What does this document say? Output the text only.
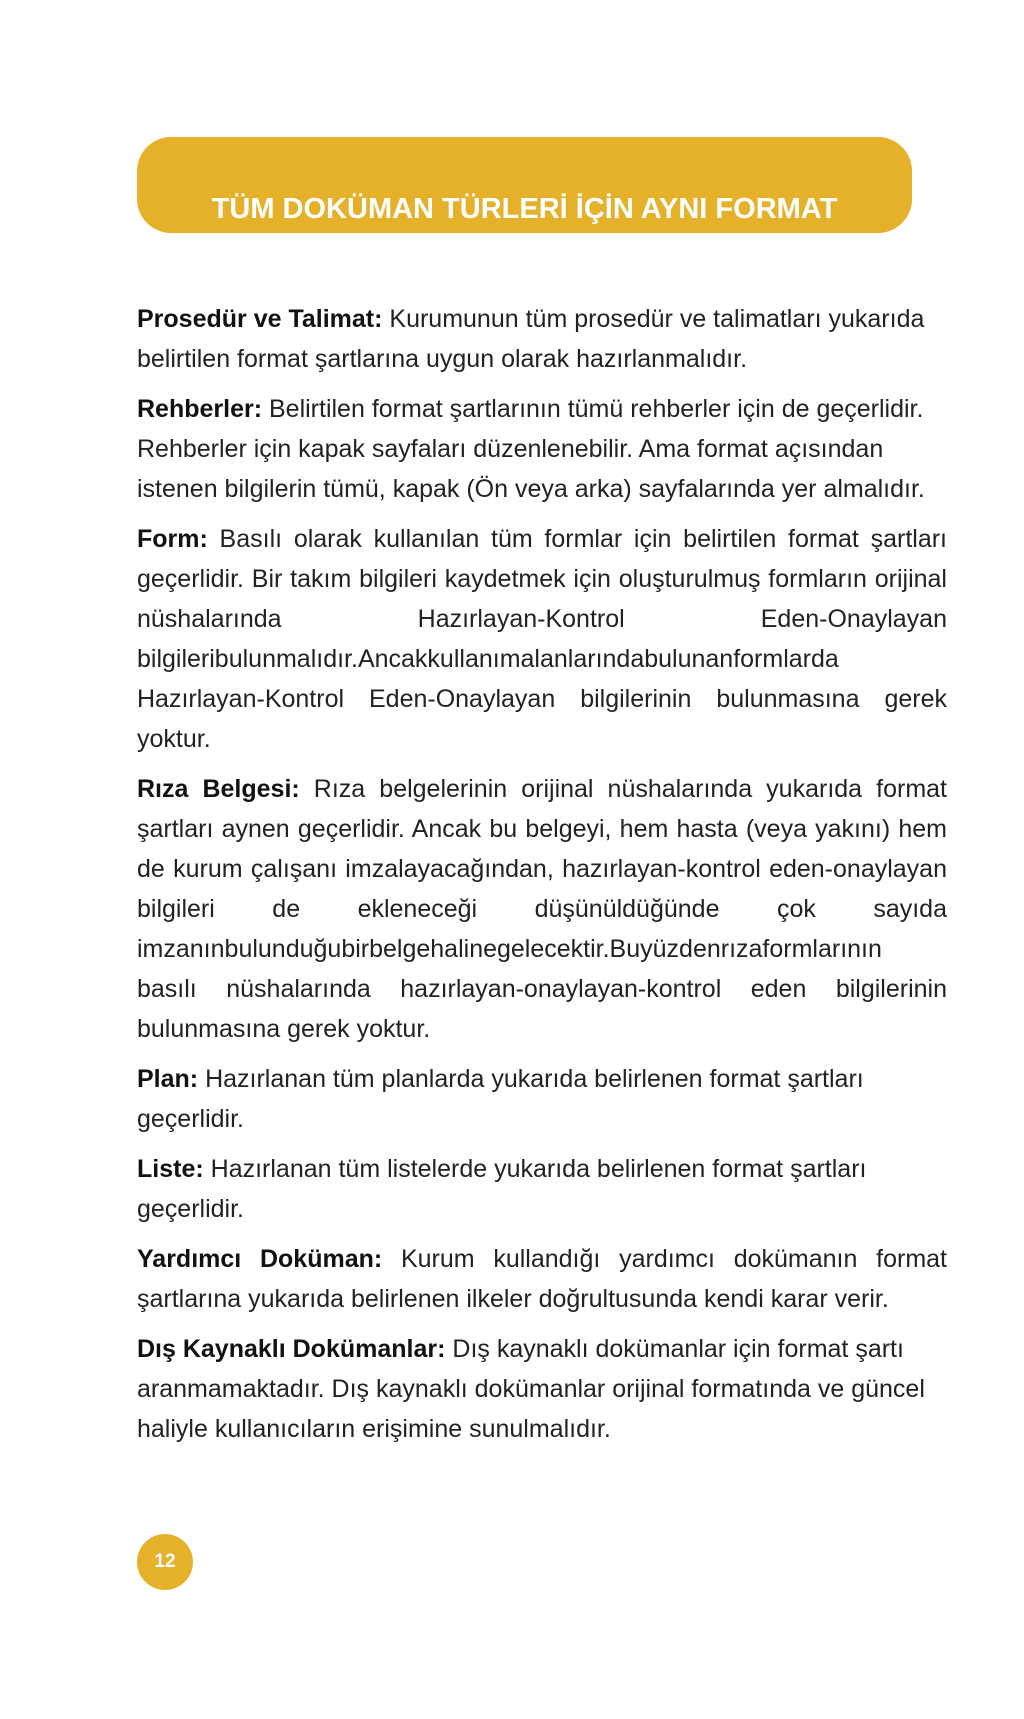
TÜM DOKÜMAN TÜRLERİ İÇİN AYNI FORMAT

Prosedür ve Talimat: Kurumunun tüm prosedür ve talimatları yukarıda belirtilen format şartlarına uygun olarak hazırlanmalıdır.

Rehberler: Belirtilen format şartlarının tümü rehberler için de geçerlidir. Rehberler için kapak sayfaları düzenlenebilir. Ama format açısından istenen bilgilerin tümü, kapak (Ön veya arka) sayfalarında yer almalıdır.

Form: Basılı olarak kullanılan tüm formlar için belirtilen format şartları geçerlidir. Bir takım bilgileri kaydetmek için oluşturulmuş formların orijinal nüshalarında Hazırlayan-Kontrol Eden-Onaylayan bilgileribulunmalıdır.Ancakkullanımalanlarındabulunanformlarda Hazırlayan-Kontrol Eden-Onaylayan bilgilerinin bulunmasına gerek yoktur.

Rıza Belgesi: Rıza belgelerinin orijinal nüshalarında yukarıda format şartları aynen geçerlidir. Ancak bu belgeyi, hem hasta (veya yakını) hem de kurum çalışanı imzalayacağından, hazırlayan-kontrol eden-onaylayan bilgileri de ekleneceği düşünüldüğünde çok sayıda imzanınbulunduğubirbelgehalinegelecektir.Buyüzdenrızaformlarının basılı nüshalarında hazırlayan-onaylayan-kontrol eden bilgilerinin bulunmasına gerek yoktur.

Plan: Hazırlanan tüm planlarda yukarıda belirlenen format şartları geçerlidir.

Liste: Hazırlanan tüm listelerde yukarıda belirlenen format şartları geçerlidir.

Yardımcı Doküman: Kurum kullandığı yardımcı dokümanın format şartlarına yukarıda belirlenen ilkeler doğrultusunda kendi karar verir.

Dış Kaynaklı Dokümanlar: Dış kaynaklı dokümanlar için format şartı aranmamaktadır. Dış kaynaklı dokümanlar orijinal formatında ve güncel haliyle kullanıcıların erişimine sunulmalıdır.

12
